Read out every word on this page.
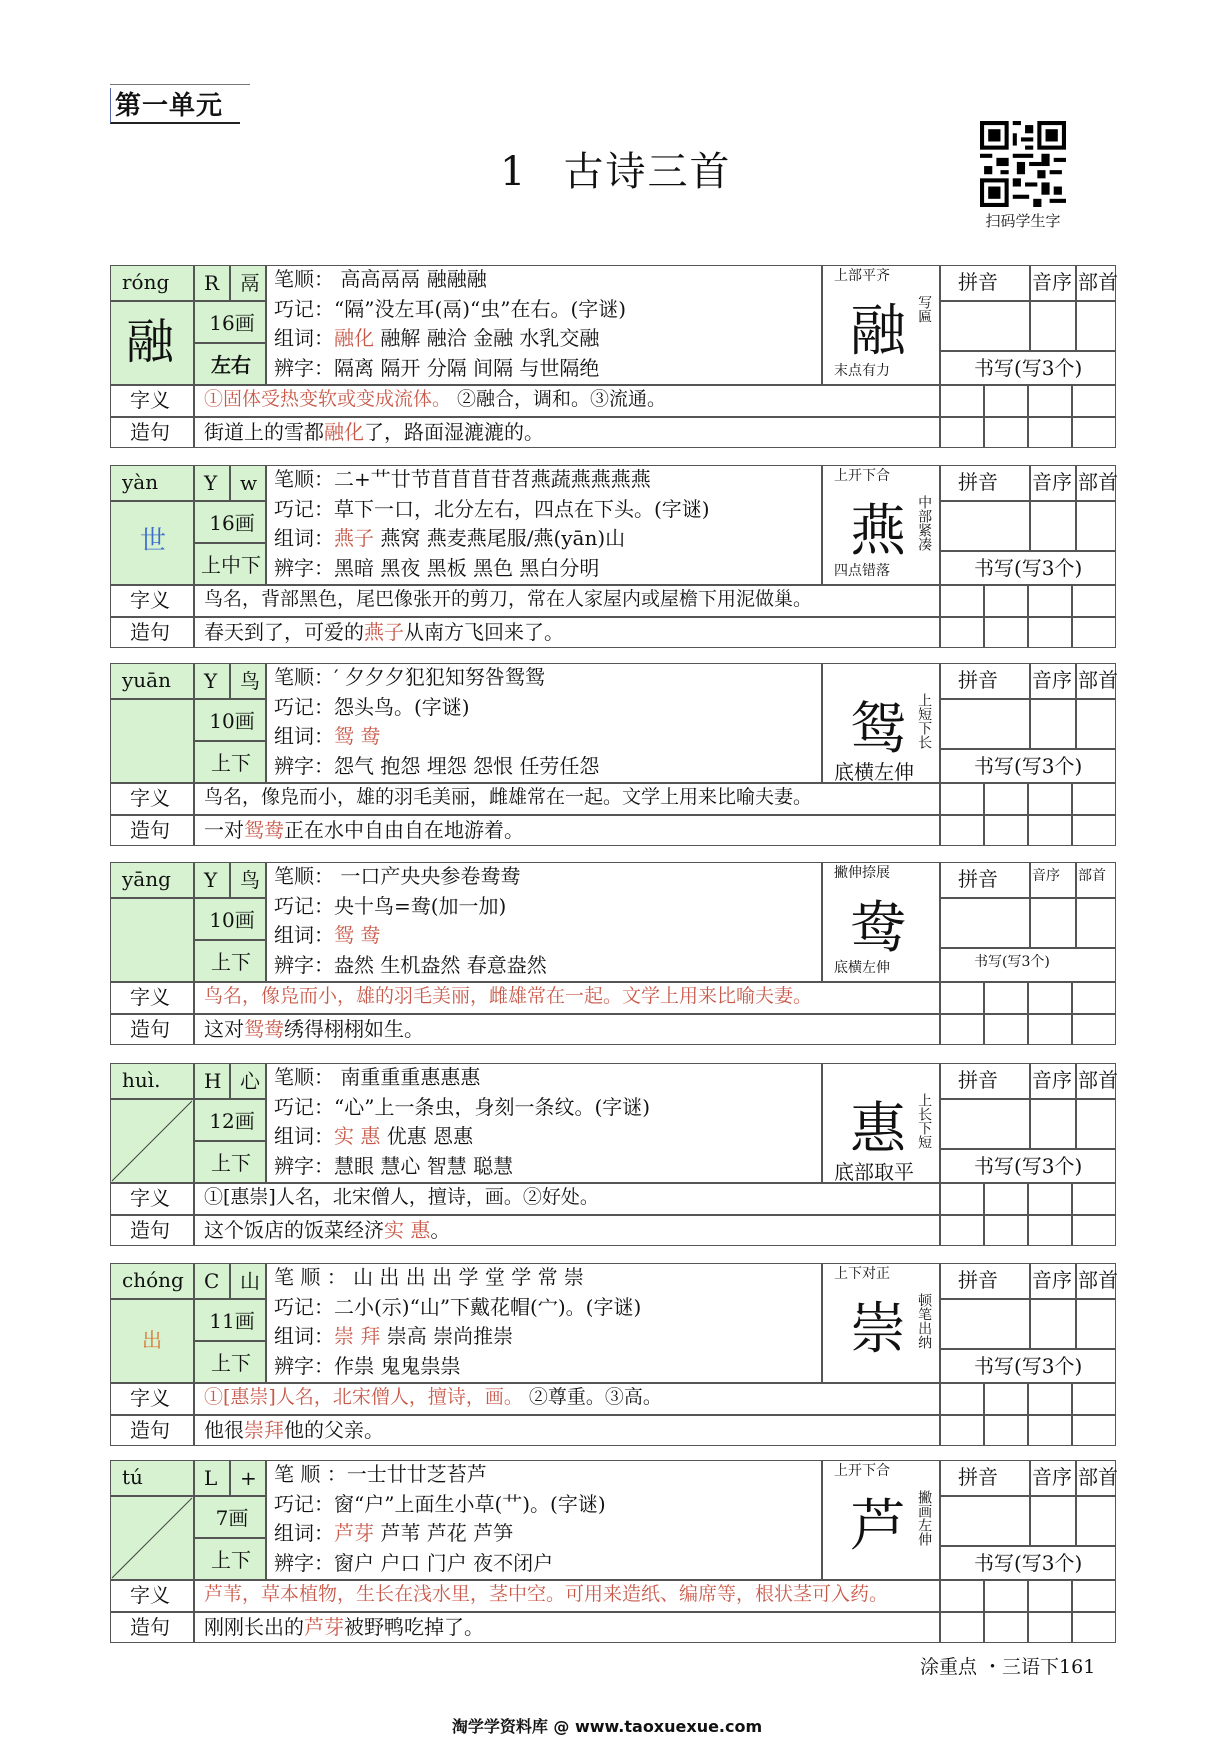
第一单元
1 古诗三首
扫码学生字
róng R 鬲
16画
左右
融
笔顺： 高高鬲鬲 融融融
巧记：“隔”没左耳(鬲)“虫”在右。(字谜)
组词：融化 融解 融洽 金融 水乳交融
辨字：隔离 隔开 分隔 间隔 与世隔绝
融
上部平齐
写匾
末点有力
拼音 音序 部首
书写(写3个)
字义 ①固体受热变软或变成流体。 ②融合，调和。③流通。
造句 街道上的雪都融化了，路面湿漉漉的。
yàn Y w
16画
上中下
世
笔顺：二+艹廿节苜苜苜苷苕燕蔬燕燕燕燕
巧记：草下一口，北分左右，四点在下头。(字谜)
组词：燕子 燕窝 燕麦燕尾服/燕(yān)山
辨字：黑暗 黑夜 黑板 黑色 黑白分明
燕
上开下合
中部紧凑
四点错落
拼音 音序 部首
书写(写3个)
字义 鸟名，背部黑色，尾巴像张开的剪刀，常在人家屋内或屋檐下用泥做巢。
造句 春天到了，可爱的燕子从南方飞回来了。
yuān Y 鸟
10画
上下
笔顺：′ 夕夕夕犯犯知努咎鸳鸳
巧记：怨头鸟。(字谜)
组词：鸳 鸯
辨字：怨气 抱怨 埋怨 怨恨 任劳任怨
鸳 上短下长
底横左伸
拼音 音序 部首
书写(写3个)
字义 鸟名，像凫而小，雄的羽毛美丽，雌雄常在一起。文学上用来比喻夫妻。
造句 一对鸳鸯正在水中自由自在地游着。
yāng Y 鸟
10画
上下
笔顺： 一口产央央参卷鸯鸯
巧记：央十鸟=鸯(加一加)
组词：鸳 鸯
辨字：盎然 生机盎然 春意盎然
鸯
撇伸捺展
底横左伸
拼音 音序 部首
书写(写3个)
字义 鸟名，像凫而小，雄的羽毛美丽，雌雄常在一起。文学上用来比喻夫妻。
造句 这对鸳鸯绣得栩栩如生。
huì. H 心
12画
上下
笔顺： 南重重重惠惠惠
巧记：“心”上一条虫，身刻一条纹。(字谜)
组词：实 惠 优惠 恩惠
辨字：慧眼 慧心 智慧 聪慧
惠 上长下短
底部取平
拼音 音序 部首
书写(写3个)
字义 ①[惠崇]人名，北宋僧人，擅诗，画。②好处。
造句 这个饭店的饭菜经济实 惠。
chóng C 山
11画
上下
出
笔 顺 ： 山 出 出 出 学 堂 学 常 崇
巧记：二小(示)“山”下戴花帽(宀)。(字谜)
组词：崇 拜 崇高 崇尚推崇
辨字：作祟 鬼鬼祟祟
崇
上下对正
顿笔出纳
拼音 音序 部首
书写(写3个)
字义 ①[惠崇]人名，北宋僧人，擅诗，画。 ②尊重。③高。
造句 他很崇拜他的父亲。
tú	L +
7画
上下
笔 顺 ：一士廿廿芝苔芦
巧记：窗“户”上面生小草(艹)。(字谜)
组词：芦芽 芦苇 芦花 芦笋
辨字：窗户 户口 门户 夜不闭户
芦
上开下合
撇画左伸
拼音 音序 部首
书写(写3个)
字义 芦苇，草本植物，生长在浅水里，茎中空。可用来造纸、编席等，根状茎可入药。
造句 刚刚长出的芦芽被野鸭吃掉了。
涂重点 ・三语下161
淘学学资料库 @ www.taoxuexue.com
